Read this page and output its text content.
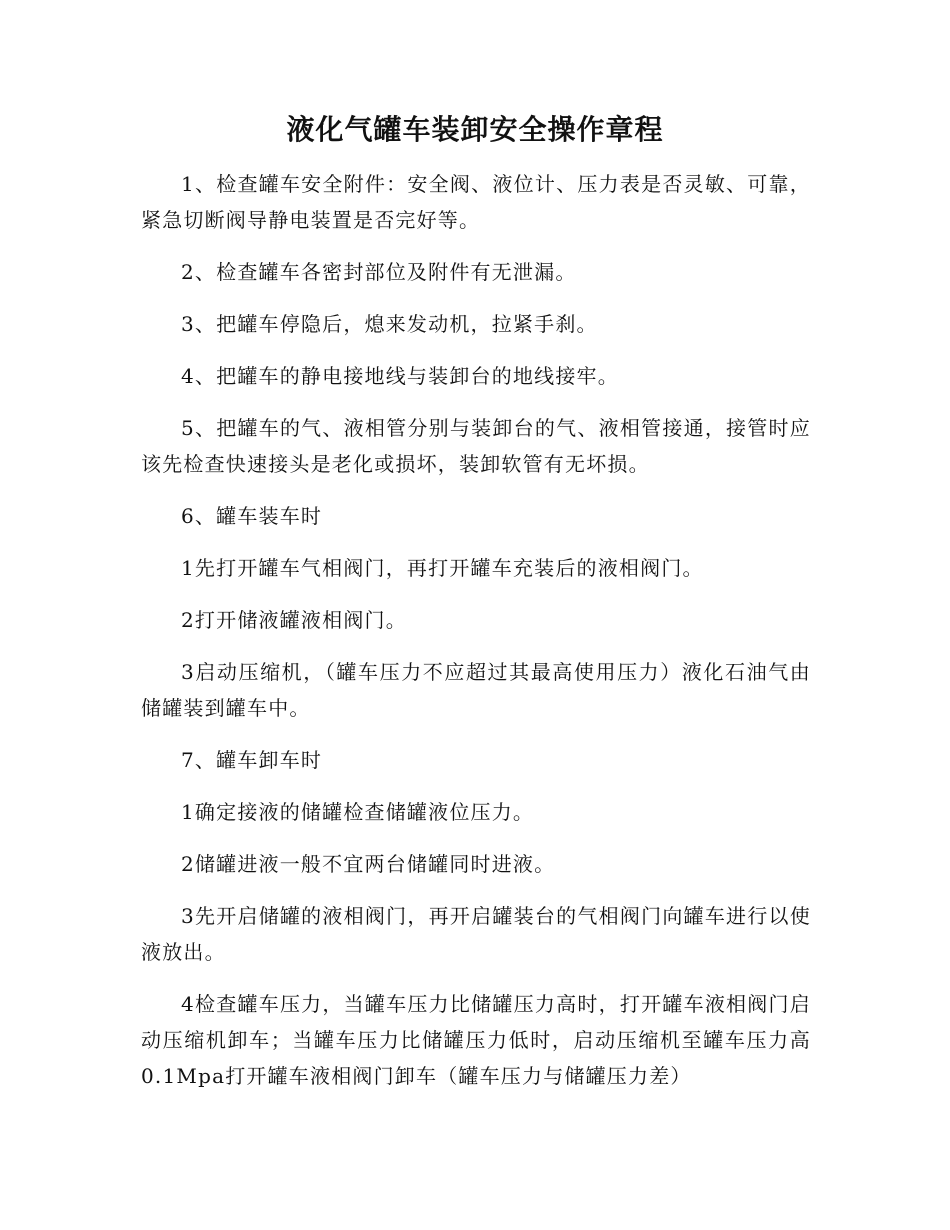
液化气罐车装卸安全操作章程

1、检查罐车安全附件：安全阀、液位计、压力表是否灵敏、可靠，紧急切断阀导静电装置是否完好等。

2、检查罐车各密封部位及附件有无泄漏。

3、把罐车停隐后，熄来发动机，拉紧手刹。

4、把罐车的静电接地线与装卸台的地线接牢。

5、把罐车的气、液相管分别与装卸台的气、液相管接通，接管时应该先检查快速接头是老化或损坏，装卸软管有无坏损。

6、罐车装车时

1先打开罐车气相阀门，再打开罐车充装后的液相阀门。

2打开储液罐液相阀门。

3启动压缩机，（罐车压力不应超过其最高使用压力）液化石油气由储罐装到罐车中。

7、罐车卸车时

1确定接液的储罐检查储罐液位压力。

2储罐进液一般不宜两台储罐同时进液。

3先开启储罐的液相阀门，再开启罐装台的气相阀门向罐车进行以使液放出。

4检查罐车压力，当罐车压力比储罐压力高时，打开罐车液相阀门启动压缩机卸车；当罐车压力比储罐压力低时，启动压缩机至罐车压力高0.1Mpa打开罐车液相阀门卸车（罐车压力与储罐压力差）
